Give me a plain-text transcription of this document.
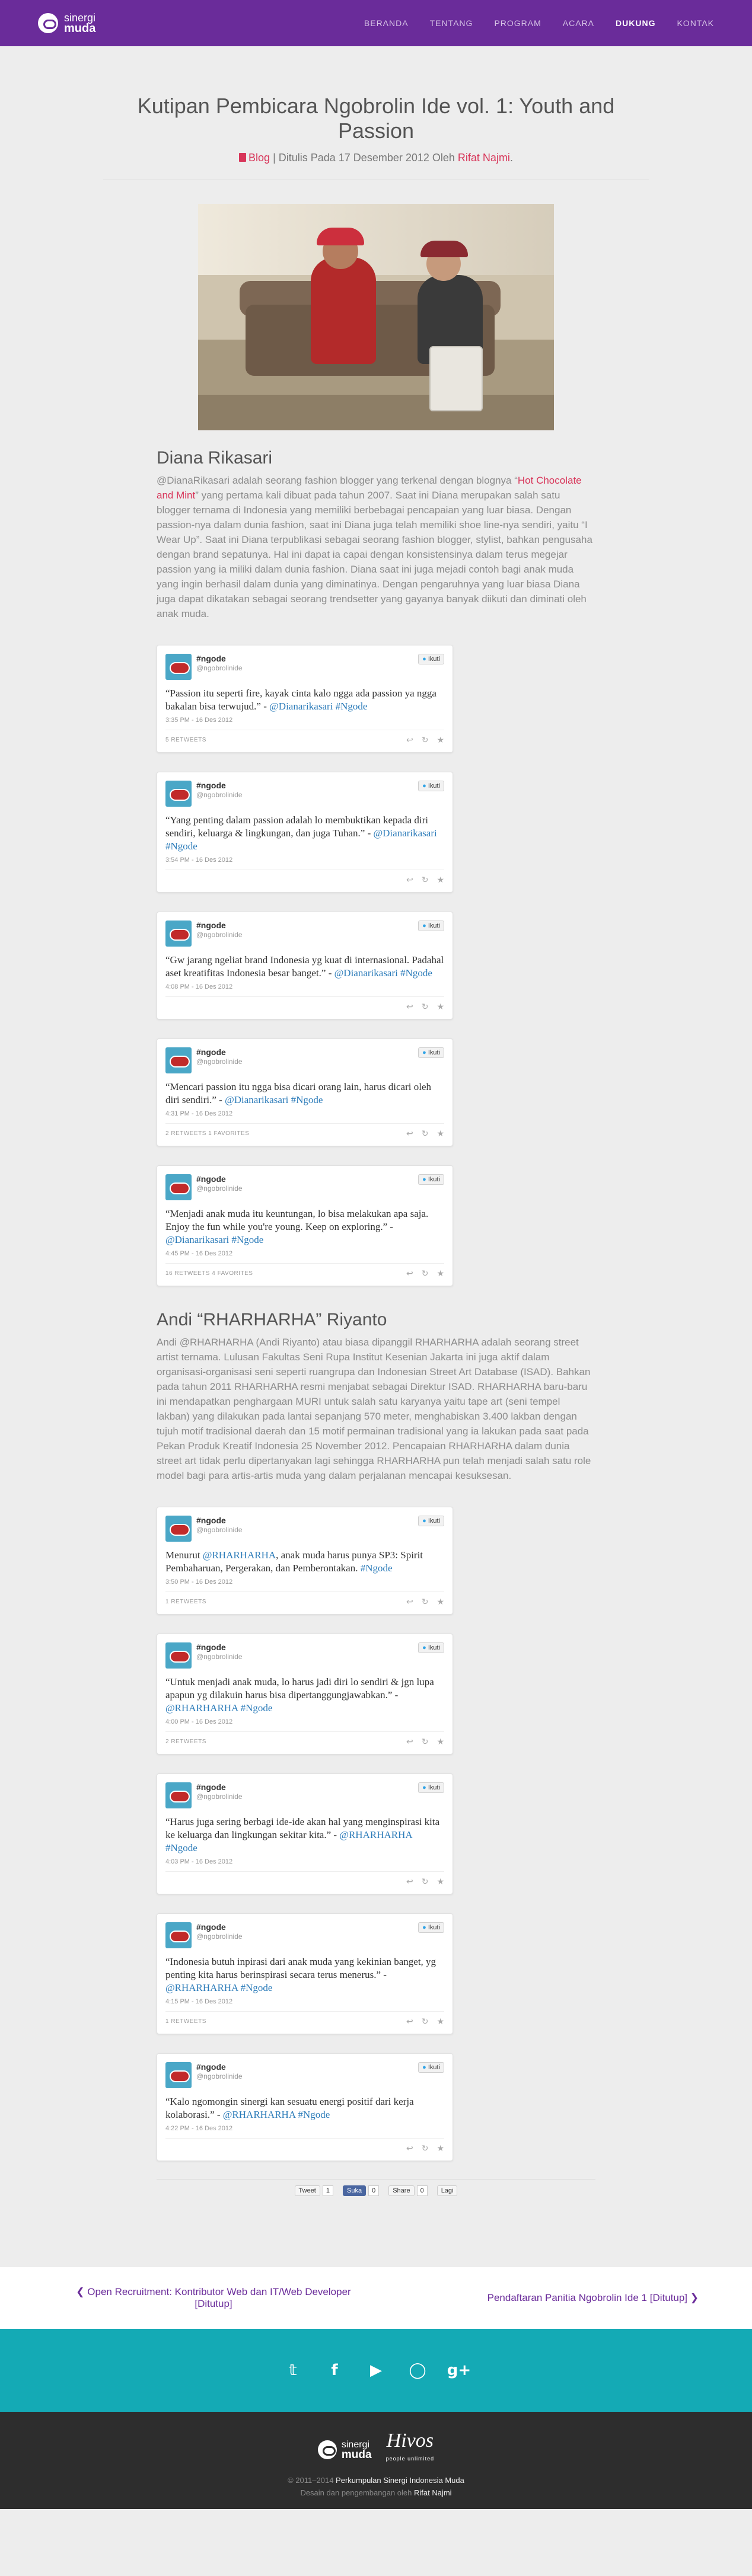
sinergi
muda	BERANDA	TENTANG	PROGRAM	ACARA	DUKUNG	KONTAK
Kutipan Pembicara Ngobrolin Ide vol. 1: Youth and Passion
Blog | Ditulis Pada 17 Desember 2012 Oleh Rifat Najmi.
Diana Rikasari

@DianaRikasari adalah seorang fashion blogger yang terkenal dengan blognya “Hot Chocolate and Mint” yang pertama kali dibuat pada tahun 2007. Saat ini Diana merupakan salah satu blogger ternama di Indonesia yang memiliki berbebagai pencapaian yang luar biasa. Dengan passion-nya dalam dunia fashion, saat ini Diana juga telah memiliki shoe line-nya sendiri, yaitu “I Wear Up”. Saat ini Diana terpublikasi sebagai seorang fashion blogger, stylist, bahkan pengusaha dengan brand sepatunya. Hal ini dapat ia capai dengan konsistensinya dalam terus megejar passion yang ia miliki dalam dunia fashion. Diana saat ini juga mejadi contoh bagi anak muda yang ingin berhasil dalam dunia yang diminatinya. Dengan pengaruhnya yang luar biasa Diana juga dapat dikatakan sebagai seorang trendsetter yang gayanya banyak diikuti dan diminati oleh anak muda.

#ngode
@ngobrolinide
● Ikuti
“Passion itu seperti fire, kayak cinta kalo ngga ada passion ya ngga bakalan bisa terwujud.” - @Dianarikasari #Ngode
3:35 PM - 16 Des 2012
5 RETWEETS	↩ ↻ ★
#ngode
@ngobrolinide
● Ikuti
“Yang penting dalam passion adalah lo membuktikan kepada diri sendiri, keluarga & lingkungan, dan juga Tuhan.” - @Dianarikasari #Ngode
3:54 PM - 16 Des 2012
↩ ↻ ★
#ngode
@ngobrolinide
● Ikuti
“Gw jarang ngeliat brand Indonesia yg kuat di internasional. Padahal aset kreatifitas Indonesia besar banget.” - @Dianarikasari #Ngode
4:08 PM - 16 Des 2012
↩ ↻ ★
#ngode
@ngobrolinide
● Ikuti
“Mencari passion itu ngga bisa dicari orang lain, harus dicari oleh diri sendiri.” - @Dianarikasari #Ngode
4:31 PM - 16 Des 2012
2 RETWEETS 1 FAVORITES	↩ ↻ ★
#ngode
@ngobrolinide
● Ikuti
“Menjadi anak muda itu keuntungan, lo bisa melakukan apa saja. Enjoy the fun while you're young. Keep on exploring.” - @Dianarikasari #Ngode
4:45 PM - 16 Des 2012
16 RETWEETS 4 FAVORITES	↩ ↻ ★
Andi “RHARHARHA” Riyanto

Andi @RHARHARHA (Andi Riyanto) atau biasa dipanggil RHARHARHA adalah seorang street artist ternama. Lulusan Fakultas Seni Rupa Institut Kesenian Jakarta ini juga aktif dalam organisasi-organisasi seni seperti ruangrupa dan Indonesian Street Art Database (ISAD). Bahkan pada tahun 2011 RHARHARHA resmi menjabat sebagai Direktur ISAD. RHARHARHA baru-baru ini mendapatkan penghargaan MURI untuk salah satu karyanya yaitu tape art (seni tempel lakban) yang dilakukan pada lantai sepanjang 570 meter, menghabiskan 3.400 lakban dengan tujuh motif tradisional daerah dan 15 motif permainan tradisional yang ia lakukan pada saat pada Pekan Produk Kreatif Indonesia 25 November 2012. Pencapaian RHARHARHA dalam dunia street art tidak perlu dipertanyakan lagi sehingga RHARHARHA pun telah menjadi salah satu role model bagi para artis-artis muda yang dalam perjalanan mencapai kesuksesan.

#ngode
@ngobrolinide
● Ikuti
Menurut @RHARHARHA, anak muda harus punya SP3: Spirit Pembaharuan, Pergerakan, dan Pemberontakan. #Ngode
3:50 PM - 16 Des 2012
1 RETWEETS	↩ ↻ ★
#ngode
@ngobrolinide
● Ikuti
“Untuk menjadi anak muda, lo harus jadi diri lo sendiri & jgn lupa apapun yg dilakuin harus bisa dipertanggungjawabkan.” - @RHARHARHA #Ngode
4:00 PM - 16 Des 2012
2 RETWEETS	↩ ↻ ★
#ngode
@ngobrolinide
● Ikuti
“Harus juga sering berbagi ide-ide akan hal yang menginspirasi kita ke keluarga dan lingkungan sekitar kita.” - @RHARHARHA #Ngode
4:03 PM - 16 Des 2012
↩ ↻ ★
#ngode
@ngobrolinide
● Ikuti
“Indonesia butuh inpirasi dari anak muda yang kekinian banget, yg penting kita harus berinspirasi secara terus menerus.” - @RHARHARHA #Ngode
4:15 PM - 16 Des 2012
1 RETWEETS	↩ ↻ ★
#ngode
@ngobrolinide
● Ikuti
“Kalo ngomongin sinergi kan sesuatu energi positif dari kerja kolaborasi.” - @RHARHARHA #Ngode
4:22 PM - 16 Des 2012
↩ ↻ ★
Tweet	1	Suka	0	Share	0	Lagi
❮ Open Recruitment: Kontributor Web dan IT/Web Developer [Ditutup]
Pendaftaran Panitia Ngobrolin Ide 1 [Ditutup] ❯
𝕥	f	▶ ◯ g+
sinergi
muda
Hivos
people unlimited
© 2011–2014 Perkumpulan Sinergi Indonesia Muda
Desain dan pengembangan oleh Rifat Najmi
